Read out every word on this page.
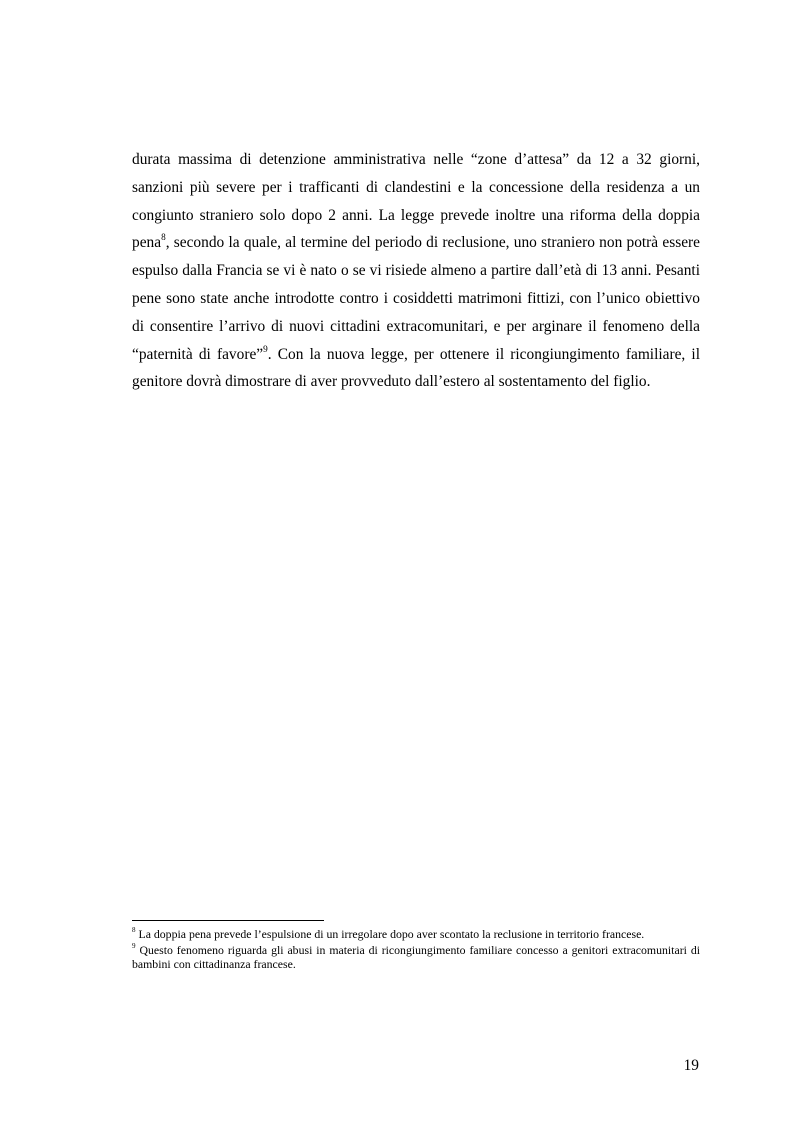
durata massima di detenzione amministrativa nelle “zone d’attesa” da 12 a 32 giorni, sanzioni più severe per i trafficanti di clandestini e la concessione della residenza a un congiunto straniero solo dopo 2 anni. La legge prevede inoltre una riforma della doppia pena$^8$, secondo la quale, al termine del periodo di reclusione, uno straniero non potrà essere espulso dalla Francia se vi è nato o se vi risiede almeno a partire dall’età di 13 anni. Pesanti pene sono state anche introdotte contro i cosiddetti matrimoni fittizi, con l’unico obiettivo di consentire l’arrivo di nuovi cittadini extracomunitari, e per arginare il fenomeno della “paternità di favore”$^9$. Con la nuova legge, per ottenere il ricongiungimento familiare, il genitore dovrà dimostrare di aver provveduto dall’estero al sostentamento del figlio.

$^8$ La doppia pena prevede l’espulsione di un irregolare dopo aver scontato la reclusione in territorio francese.

$^9$ Questo fenomeno riguarda gli abusi in materia di ricongiungimento familiare concesso a genitori extracomunitari di bambini con cittadinanza francese.

19
